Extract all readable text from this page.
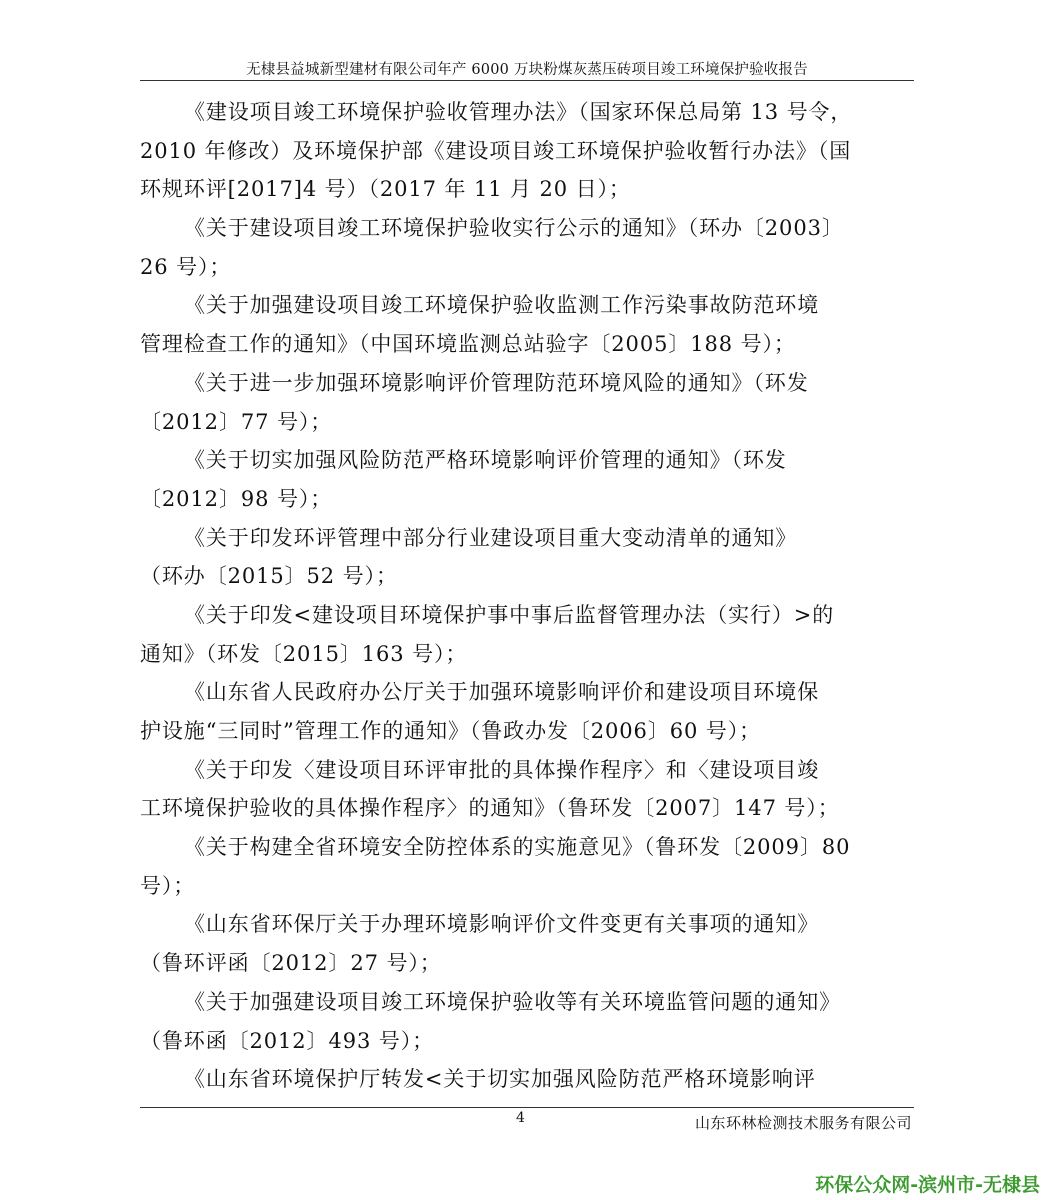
无棣县益城新型建材有限公司年产 6000 万块粉煤灰蒸压砖项目竣工环境保护验收报告
《建设项目竣工环境保护验收管理办法》（国家环保总局第 13 号令，
2010 年修改）及环境保护部《建设项目竣工环境保护验收暂行办法》（国
环规环评[2017]4 号）（2017 年 11 月 20 日）；
《关于建设项目竣工环境保护验收实行公示的通知》（环办〔2003〕
26 号）；
《关于加强建设项目竣工环境保护验收监测工作污染事故防范环境
管理检查工作的通知》（中国环境监测总站验字〔2005〕188 号）；
《关于进一步加强环境影响评价管理防范环境风险的通知》（环发
〔2012〕77 号）；
《关于切实加强风险防范严格环境影响评价管理的通知》（环发
〔2012〕98 号）；
《关于印发环评管理中部分行业建设项目重大变动清单的通知》
（环办〔2015〕52 号）；
《关于印发<建设项目环境保护事中事后监督管理办法（实行）>的
通知》（环发〔2015〕163 号）；
《山东省人民政府办公厅关于加强环境影响评价和建设项目环境保
护设施“三同时”管理工作的通知》（鲁政办发〔2006〕60 号）；
《关于印发〈建设项目环评审批的具体操作程序〉和〈建设项目竣
工环境保护验收的具体操作程序〉的通知》（鲁环发〔2007〕147 号）；
《关于构建全省环境安全防控体系的实施意见》（鲁环发〔2009〕80
号）；
《山东省环保厅关于办理环境影响评价文件变更有关事项的通知》
（鲁环评函〔2012〕27 号）；
《关于加强建设项目竣工环境保护验收等有关环境监管问题的通知》
（鲁环函〔2012〕493 号）；
《山东省环境保护厅转发<关于切实加强风险防范严格环境影响评
4	山东环林检测技术服务有限公司
环保公众网-滨州市-无棣县
